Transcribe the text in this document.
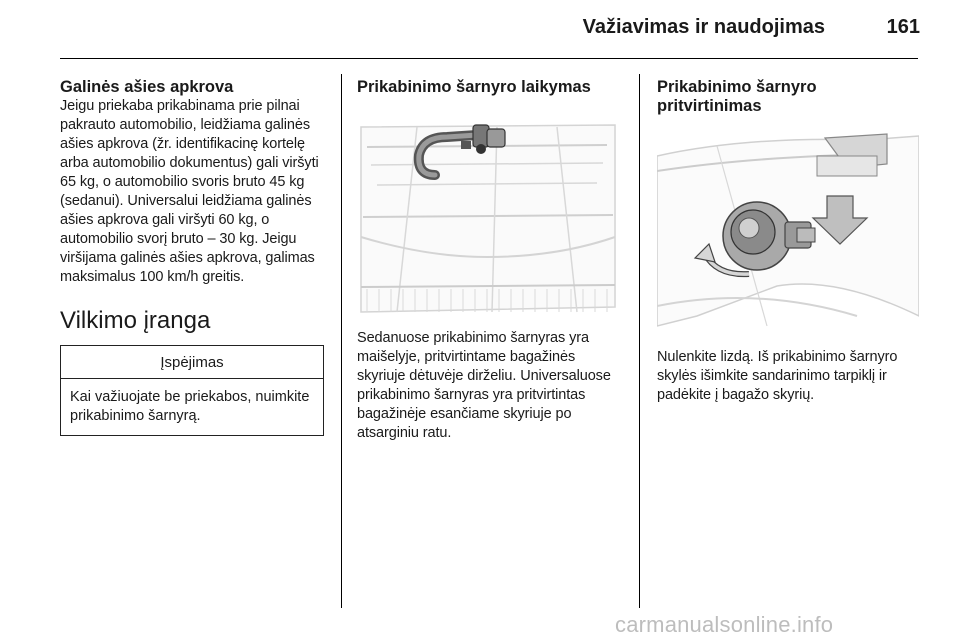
Važiavimas ir naudojimas	161

Galinės ašies apkrova

Jeigu priekaba prikabinama prie pilnai pakrauto automobilio, leidžiama galinės ašies apkrova (žr. identifikacinę kortelę arba automobilio dokumentus) gali viršyti 65 kg, o automobilio svoris bruto 45 kg (sedanui). Universalui leidžiama galinės ašies apkrova gali viršyti 60 kg, o automobilio svorį bruto – 30 kg. Jeigu viršijama galinės ašies apkrova, galimas maksimalus 100 km/h greitis.

Vilkimo įranga
Įspėjimas
Kai važiuojate be priekabos, nuimkite prikabinimo šarnyrą.

Prikabinimo šarnyro laikymas

Sedanuose prikabinimo šarnyras yra maišelyje, pritvirtintame bagažinės skyriuje dėtuvėje dirželiu. Universaluose prikabinimo šarnyras yra pritvirtintas bagažinėje esančiame skyriuje po atsarginiu ratu.

Prikabinimo šarnyro pritvirtinimas

Nulenkite lizdą. Iš prikabinimo šarnyro skylės išimkite sandarinimo tarpiklį ir padėkite į bagažo skyrių.

carmanualsonline.info
